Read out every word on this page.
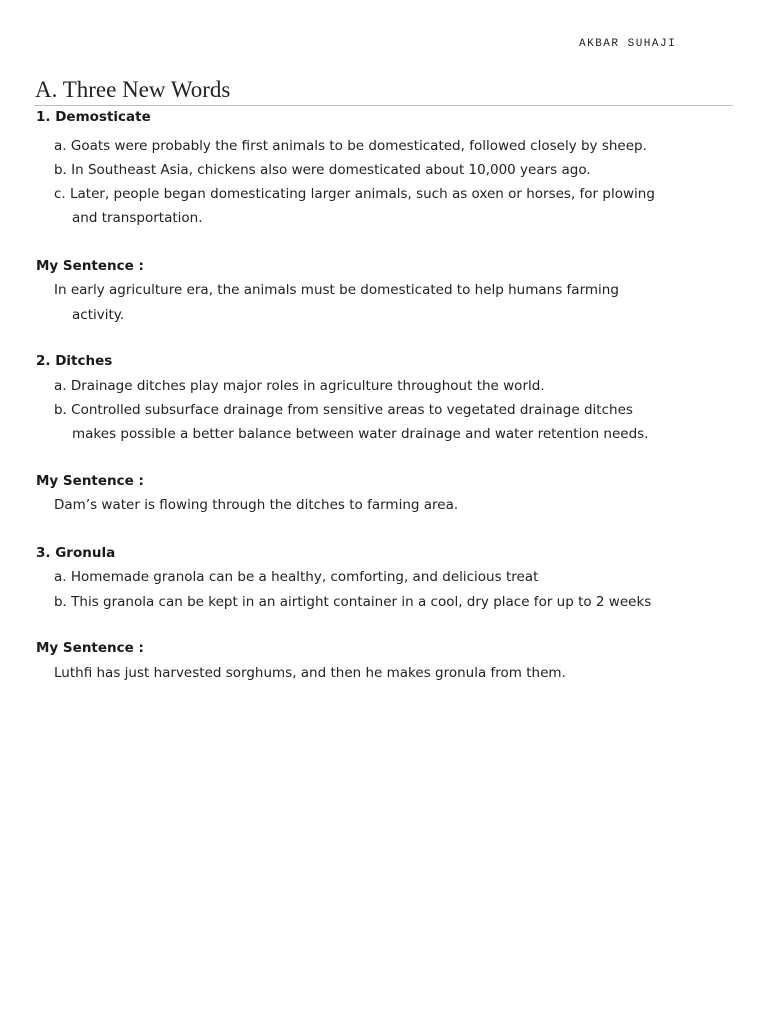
AKBAR SUHAJI
A. Three New Words
1. Demosticate
a. Goats were probably the first animals to be domesticated, followed closely by sheep.
b. In Southeast Asia, chickens also were domesticated about 10,000 years ago.
c. Later, people began domesticating larger animals, such as oxen or horses, for plowing
and transportation.
My Sentence :
In early agriculture era, the animals must be domesticated to help humans farming
activity.
2. Ditches
a. Drainage ditches play major roles in agriculture throughout the world.
b. Controlled subsurface drainage from sensitive areas to vegetated drainage ditches
makes possible a better balance between water drainage and water retention needs.
My Sentence :
Dam’s water is flowing through the ditches to farming area.
3. Gronula
a. Homemade granola can be a healthy, comforting, and delicious treat
b. This granola can be kept in an airtight container in a cool, dry place for up to 2 weeks
My Sentence :
Luthfi has just harvested sorghums, and then he makes gronula from them.
